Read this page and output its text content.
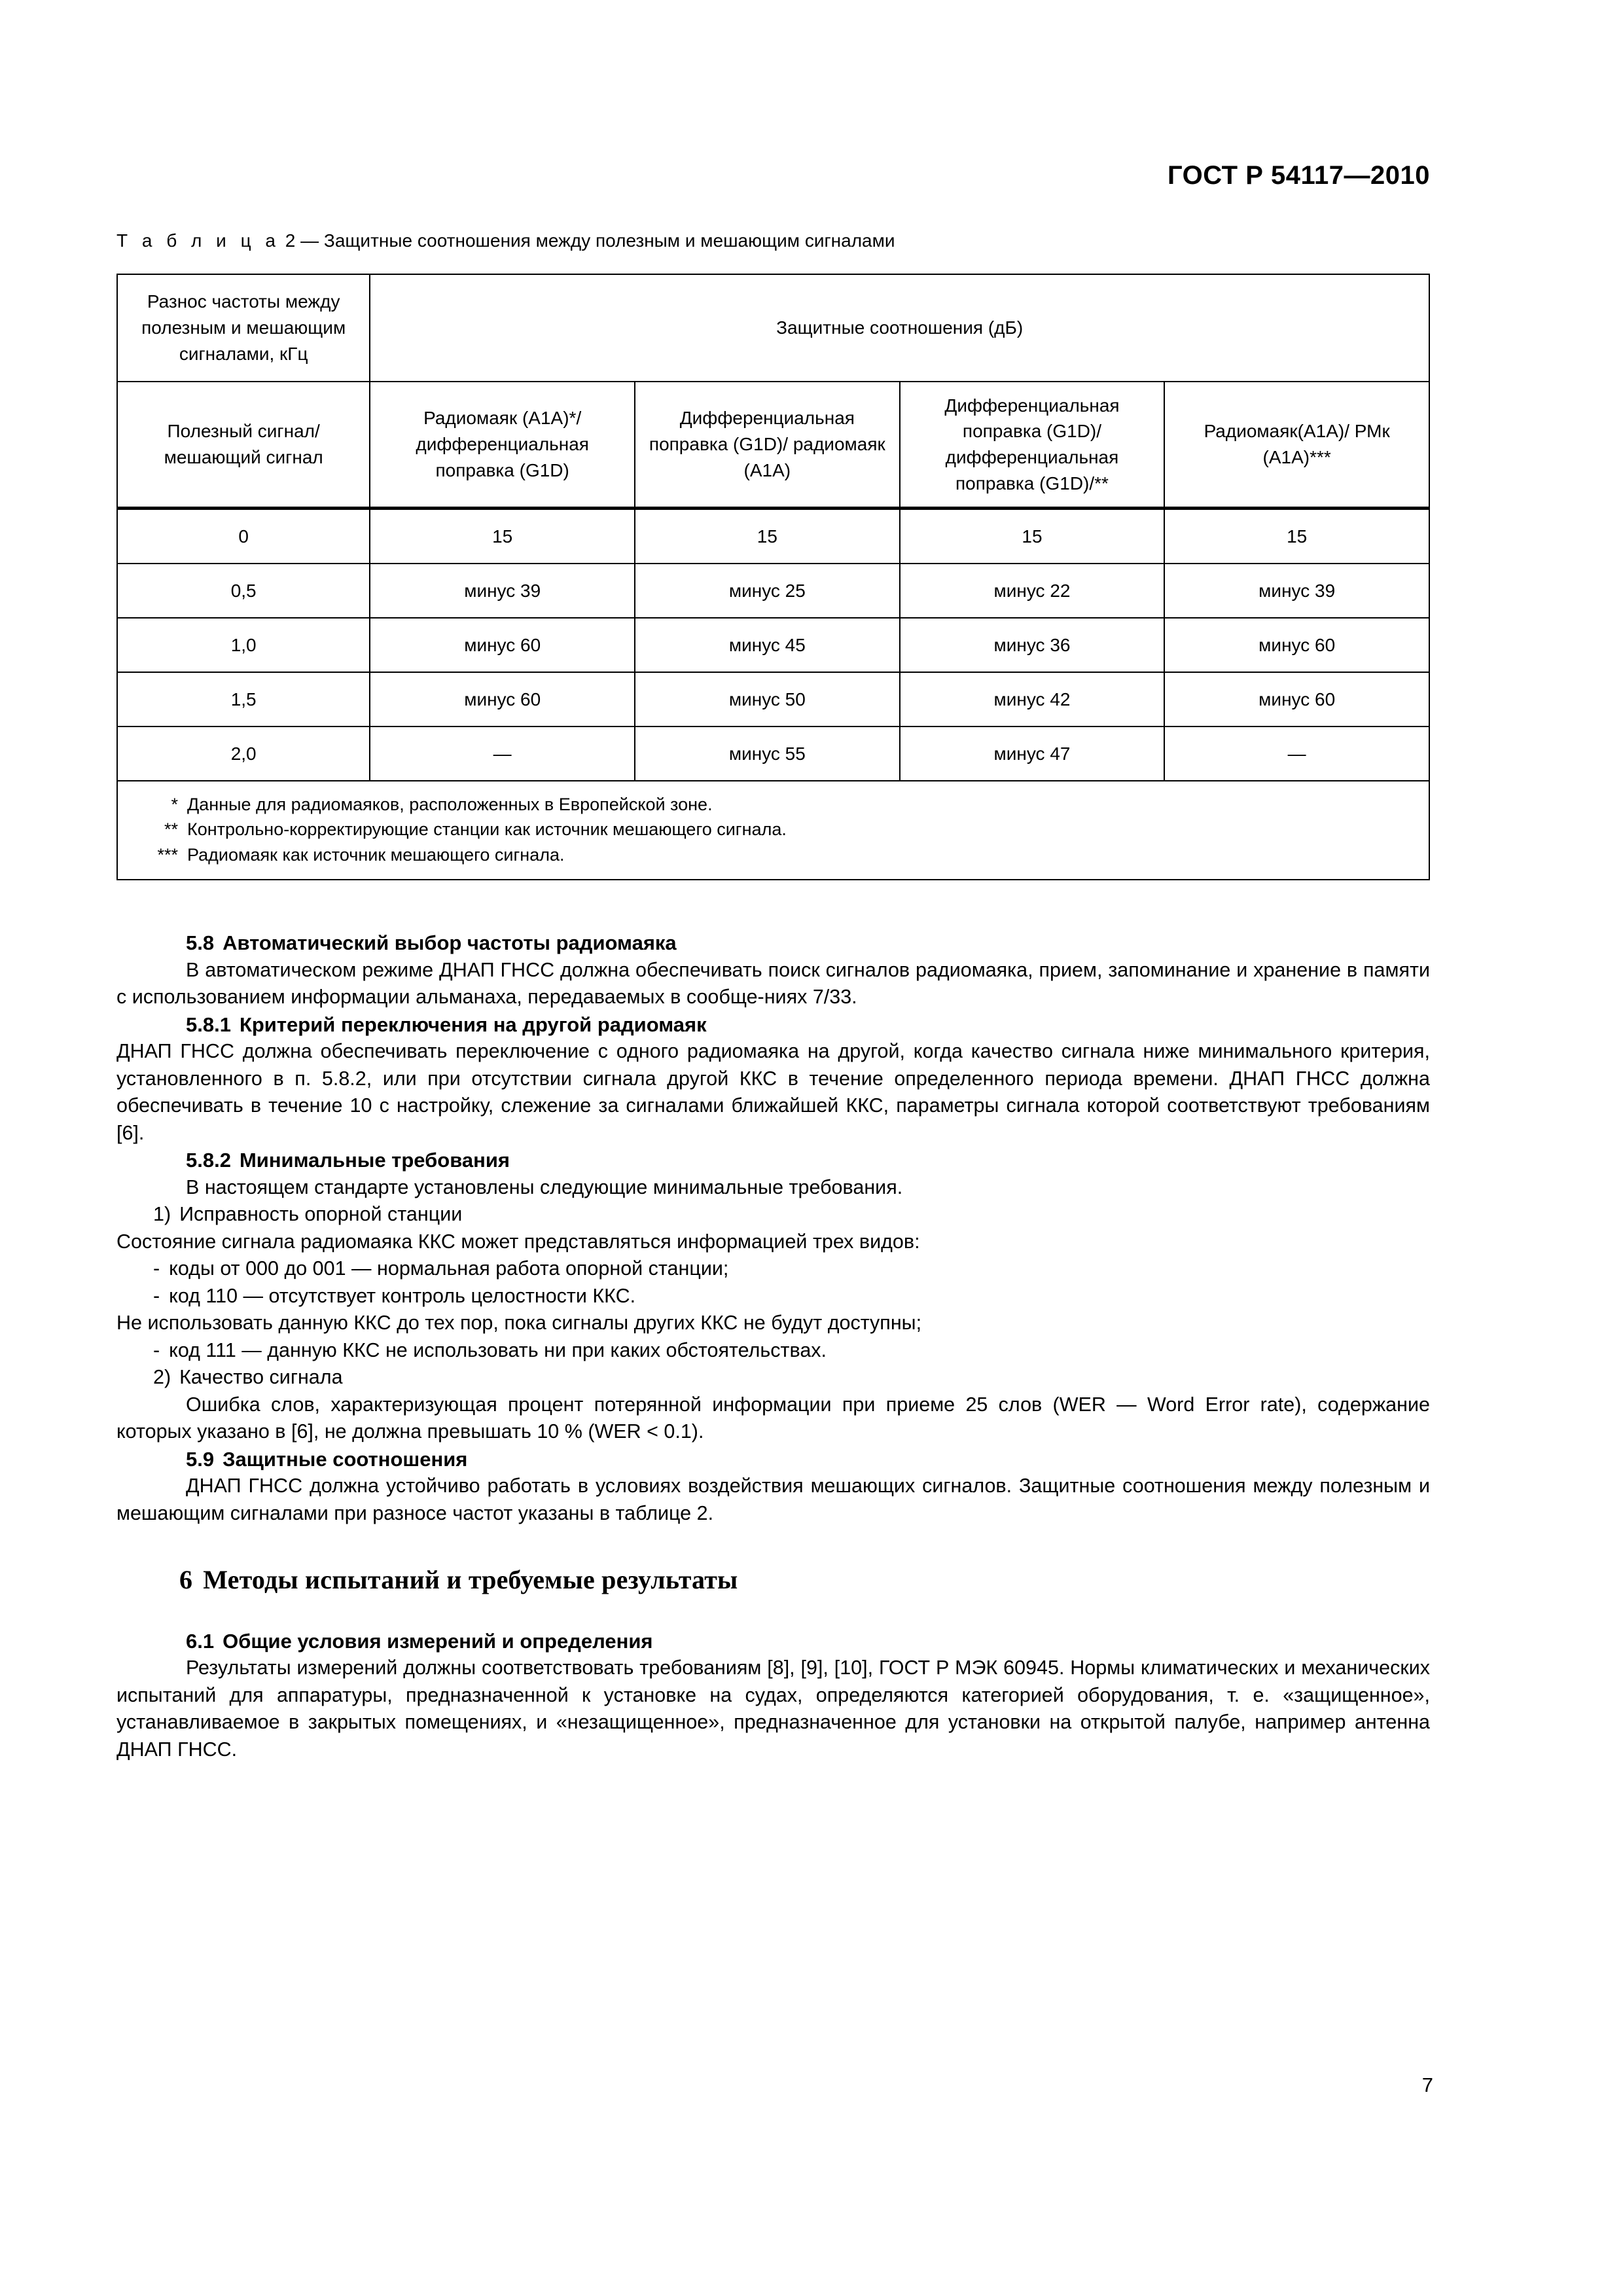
ГОСТ Р 54117—2010
Т а б л и ц а 2 — Защитные соотношения между полезным и мешающим сигналами
Разнос частоты между полезным и мешающим сигналами, кГц	Защитные соотношения (дБ)			
Полезный сигнал/ мешающий сигнал	Радиомаяк (А1А)*/ дифференциальная поправка (G1D)	Дифференциальная поправка (G1D)/ радиомаяк (А1А)	Дифференциальная поправка (G1D)/ дифференциальная поправка (G1D)/**	Радиомаяк(А1А)/ РМк (А1А)***
0	15	15	15	15
0,5	минус 39	минус 25	минус 22	минус 39
1,0	минус 60	минус 45	минус 36	минус 60
1,5	минус 60	минус 50	минус 42	минус 60
2,0	—	минус 55	минус 47	—

* Данные для радиомаяков, расположенных в Европейской зоне.
** Контрольно-корректирующие станции как источник мешающего сигнала.
*** Радиомаяк как источник мешающего сигнала.
5.8 Автоматический выбор частоты радиомаяка

В автоматическом режиме ДНАП ГНСС должна обеспечивать поиск сигналов радиомаяка, прием, запоминание и хранение в памяти с использованием информации альманаха, передаваемых в сообще-ниях 7/33.

5.8.1 Критерий переключения на другой радиомаяк

ДНАП ГНСС должна обеспечивать переключение с одного радиомаяка на другой, когда качество сигнала ниже минимального критерия, установленного в п. 5.8.2, или при отсутствии сигнала другой ККС в течение определенного периода времени. ДНАП ГНСС должна обеспечивать в течение 10 с настройку, слежение за сигналами ближайшей ККС, параметры сигнала которой соответствуют требованиям [6].

5.8.2 Минимальные требования

В настоящем стандарте установлены следующие минимальные требования.

1) Исправность опорной станции

Состояние сигнала радиомаяка ККС может представляться информацией трех видов:

- коды от 000 до 001 — нормальная работа опорной станции;

- код 110 — отсутствует контроль целостности ККС.

Не использовать данную ККС до тех пор, пока сигналы других ККС не будут доступны;

- код 111 — данную ККС не использовать ни при каких обстоятельствах.

2) Качество сигнала

Ошибка слов, характеризующая процент потерянной информации при приеме 25 слов (WER — Word Error rate), содержание которых указано в [6], не должна превышать 10 % (WER < 0.1).

5.9 Защитные соотношения

ДНАП ГНСС должна устойчиво работать в условиях воздействия мешающих сигналов. Защитные соотношения между полезным и мешающим сигналами при разносе частот указаны в таблице 2.

6 Методы испытаний и требуемые результаты
6.1 Общие условия измерений и определения

Результаты измерений должны соответствовать требованиям [8], [9], [10], ГОСТ Р МЭК 60945. Нормы климатических и механических испытаний для аппаратуры, предназначенной к установке на судах, определяются категорией оборудования, т. е. «защищенное», устанавливаемое в закрытых помещениях, и «незащищенное», предназначенное для установки на открытой палубе, например антенна ДНАП ГНСС.

7
